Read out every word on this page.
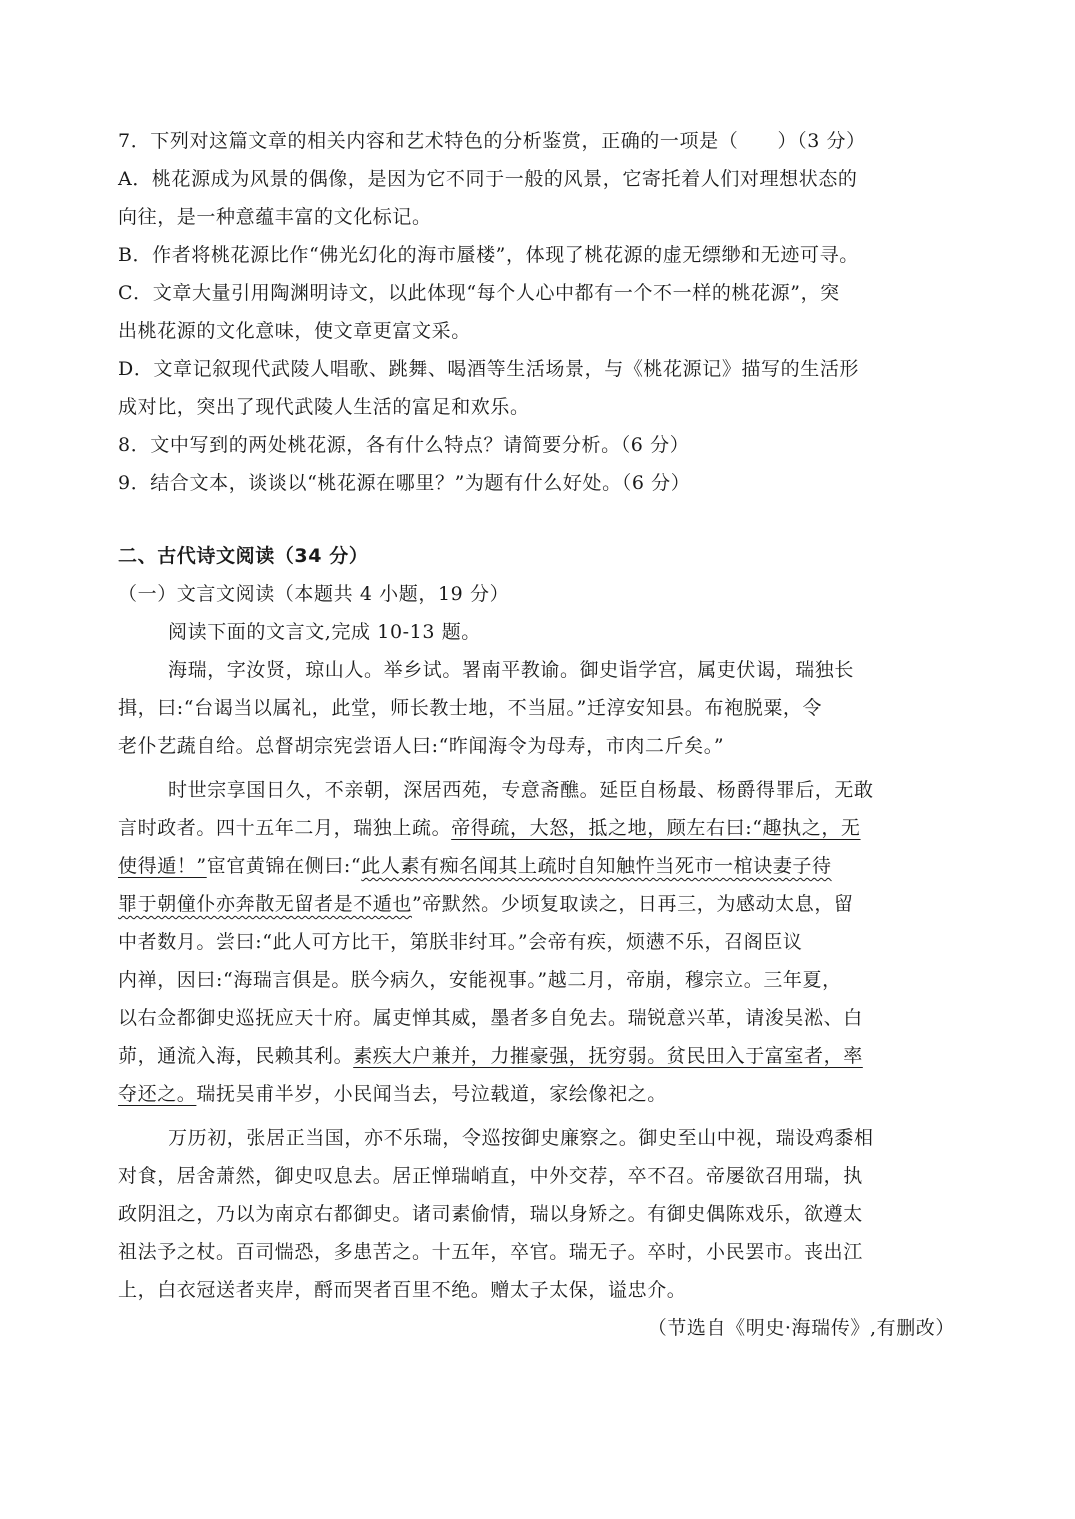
7．下列对这篇文章的相关内容和艺术特色的分析鉴赏，正确的一项是（　　）（3 分）
A．桃花源成为风景的偶像，是因为它不同于一般的风景，它寄托着人们对理想状态的
向往，是一种意蕴丰富的文化标记。
B．作者将桃花源比作“佛光幻化的海市蜃楼”，体现了桃花源的虚无缥缈和无迹可寻。
C．文章大量引用陶渊明诗文，以此体现“每个人心中都有一个不一样的桃花源”，突
出桃花源的文化意味，使文章更富文采。
D．文章记叙现代武陵人唱歌、跳舞、喝酒等生活场景，与《桃花源记》描写的生活形
成对比，突出了现代武陵人生活的富足和欢乐。
8．文中写到的两处桃花源，各有什么特点？请简要分析。（6 分）
9．结合文本，谈谈以“桃花源在哪里？”为题有什么好处。（6 分）
二、古代诗文阅读（34 分）
（一）文言文阅读（本题共 4 小题，19 分）
阅读下面的文言文,完成 10-13 题。
海瑞，字汝贤，琼山人。举乡试。署南平教谕。御史诣学宫，属吏伏谒，瑞独长
揖，曰:“台谒当以属礼，此堂，师长教士地，不当屈。”迁淳安知县。布袍脱粟，令
老仆艺蔬自给。总督胡宗宪尝语人曰:“昨闻海令为母寿，市肉二斤矣。”
时世宗享国日久，不亲朝，深居西苑，专意斋醮。延臣自杨最、杨爵得罪后，无敢
言时政者。四十五年二月，瑞独上疏。帝得疏，大怒，抵之地，顾左右曰:“趣执之，无
使得遁！”宦官黄锦在侧曰:“此人素有痴名闻其上疏时自知触忤当死市一棺诀妻子待
罪于朝僮仆亦奔散无留者是不遁也”帝默然。少顷复取读之，日再三，为感动太息，留
中者数月。尝曰:“此人可方比干，第朕非纣耳。”会帝有疾，烦懑不乐，召阁臣议
内禅，因曰:“海瑞言俱是。朕今病久，安能视事。”越二月，帝崩，穆宗立。三年夏，
以右佥都御史巡抚应天十府。属吏惮其威，墨者多自免去。瑞锐意兴革，请浚吴淞、白
茆，通流入海，民赖其利。素疾大户兼并，力摧豪强，抚穷弱。贫民田入于富室者，率
夺还之。瑞抚吴甫半岁，小民闻当去，号泣载道，家绘像祀之。
万历初，张居正当国，亦不乐瑞，令巡按御史廉察之。御史至山中视，瑞设鸡黍相
对食，居舍萧然，御史叹息去。居正惮瑞峭直，中外交荐，卒不召。帝屡欲召用瑞，执
政阴沮之，乃以为南京右都御史。诸司素偷情，瑞以身矫之。有御史偶陈戏乐，欲遵太
祖法予之杖。百司惴恐，多患苦之。十五年，卒官。瑞无子。卒时，小民罢市。丧出江
上，白衣冠送者夹岸，酹而哭者百里不绝。赠太子太保，谥忠介。
（节选自《明史·海瑞传》,有删改）
